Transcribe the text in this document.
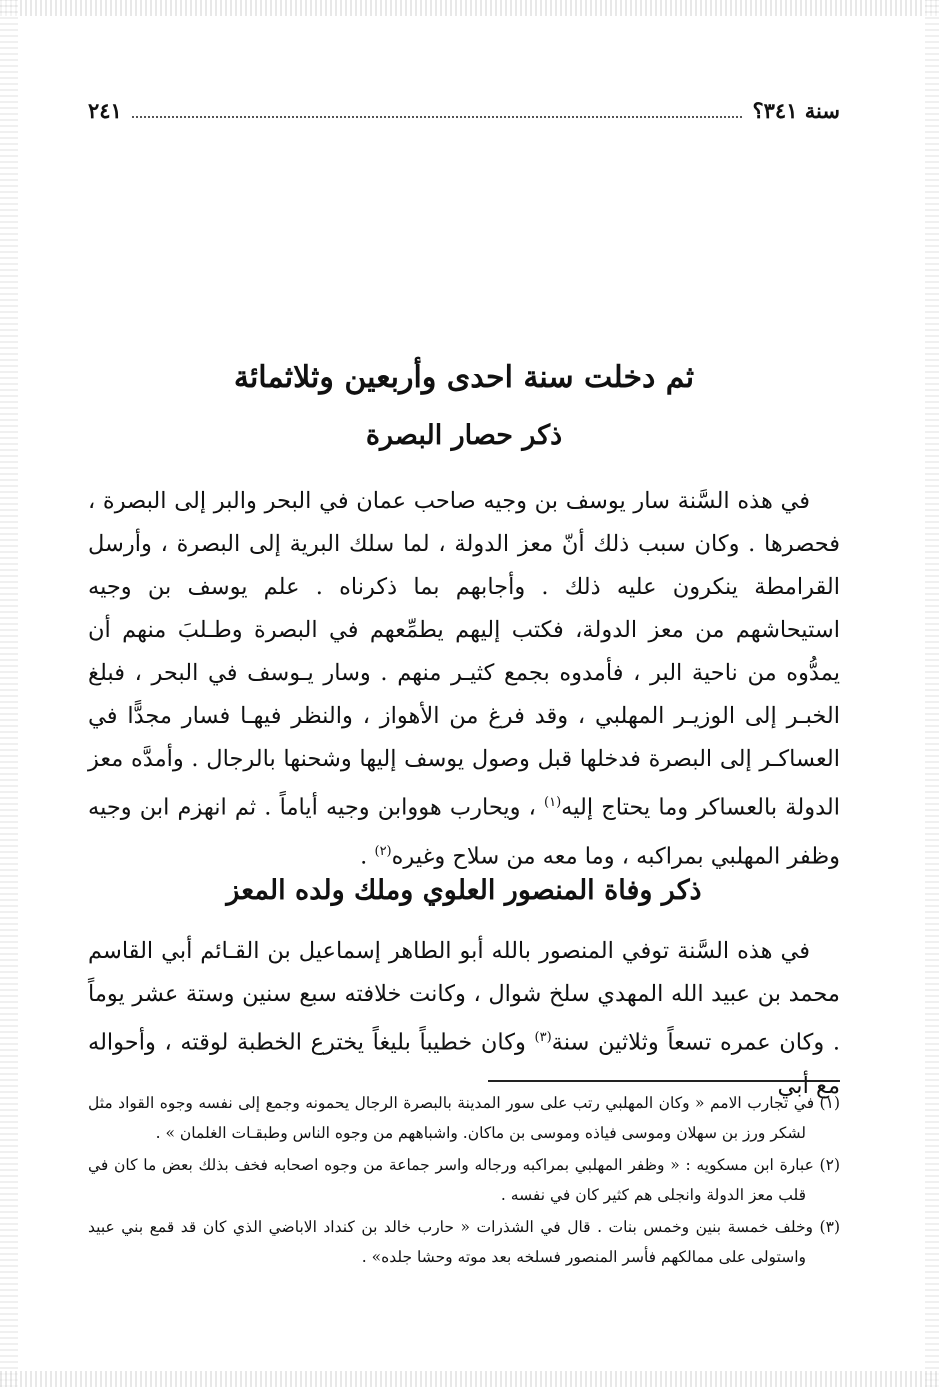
سنة ٣٤١؟
٢٤١
ثم دخلت سنة احدى وأربعين وثلاثمائة
ذكر حصار البصرة

في هذه السَّنة سار يوسف بن وجيه صاحب عمان في البحر والبر إلى البصرة ، فحصرها . وكان سبب ذلك أنّ معز الدولة ، لما سلك البرية إلى البصرة ، وأرسل القرامطة ينكرون عليه ذلك . وأجابهم بما ذكرناه . علم يوسف بن وجيه استيحاشهم من معز الدولة، فكتب إليهم يطمِّعهم في البصرة وطـلبَ منهم أن يمدُّوه من ناحية البر ، فأمدوه بجمع كثيـر منهم . وسار يـوسف في البحر ، فبلغ الخبـر إلى الوزيـر المهلبي ، وقد فرغ من الأهواز ، والنظر فيهـا فسار مجدًّا في العساكـر إلى البصرة فدخلها قبل وصول يوسف إليها وشحنها بالرجال . وأمدَّه معز الدولة بالعساكر وما يحتاج إليه$^{(١)}$ ، ويحارب هووابن وجيه أياماً . ثم انهزم ابن وجيه وظفر المهلبي بمراكبه ، وما معه من سلاح وغيره$^{(٢)}$ .

ذكر وفاة المنصور العلوي وملك ولده المعز

في هذه السَّنة توفي المنصور بالله أبو الطاهر إسماعيل بن القـائم أبي القاسم محمد بن عبيد الله المهدي سلخ شوال ، وكانت خلافته سبع سنين وستة عشر يوماً . وكان عمره تسعاً وثلاثين سنة$^{(٣)}$ وكان خطيباً بليغاً يخترع الخطبة لوقته ، وأحواله مع أبي

(١) في تجارب الامم « وكان المهلبي رتب على سور المدينة بالبصرة الرجال يحمونه وجمع إلى نفسه وجوه القواد مثل لشكر ورز بن سهلان وموسى فياذه وموسى بن ماكان. واشباههم من وجوه الناس وطبقـات الغلمان » .

(٢) عبارة ابن مسكويه : « وظفر المهلبي بمراكبه ورجاله واسر جماعة من وجوه اصحابه فخف بذلك بعض ما كان في قلب معز الدولة وانجلى هم كثير كان في نفسه .

(٣) وخلف خمسة بنين وخمس بنات . قال في الشذرات « حارب خالد بن كنداد الاباضي الذي كان قد قمع بني عبيد واستولى على ممالكهم فأسر المنصور فسلخه بعد موته وحشا جلده» .
